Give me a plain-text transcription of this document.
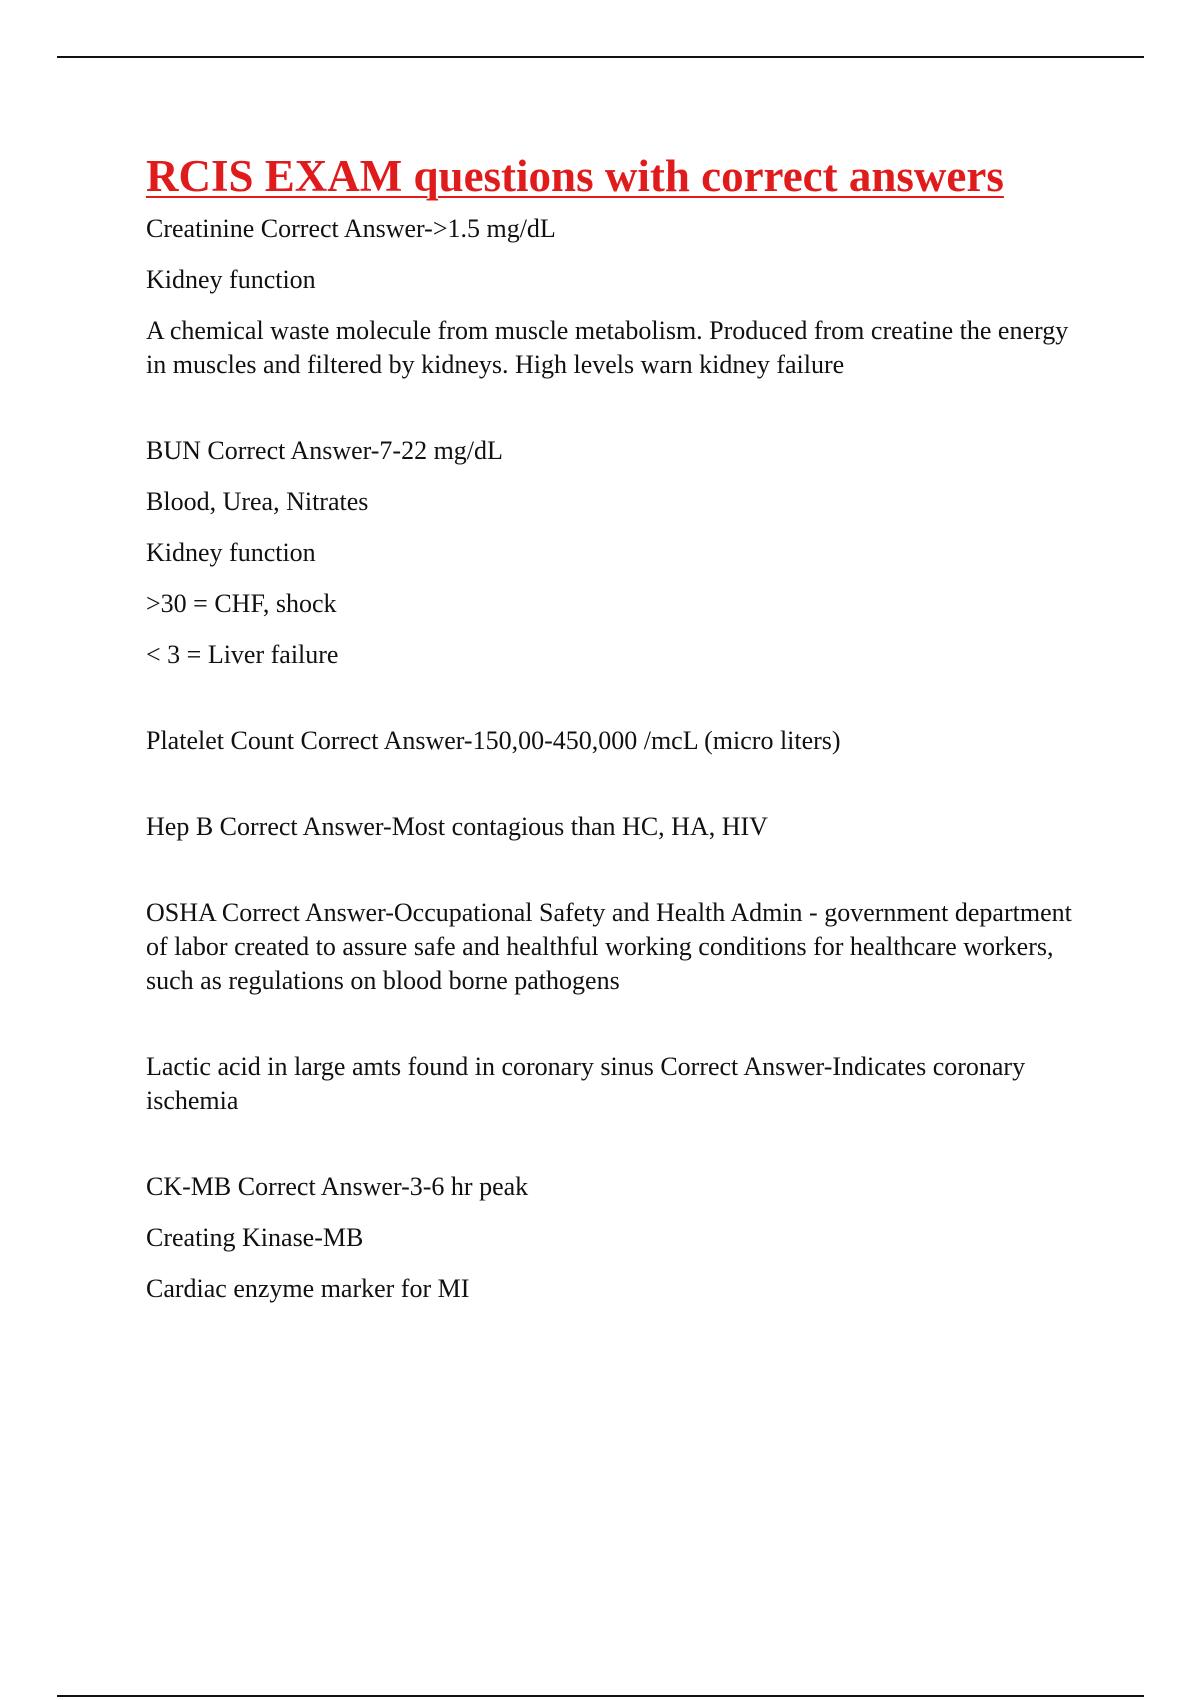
RCIS EXAM questions with correct answers

Creatinine Correct Answer->1.5 mg/dL

Kidney function

A chemical waste molecule from muscle metabolism. Produced from creatine the energy in muscles and filtered by kidneys. High levels warn kidney failure

BUN Correct Answer-7-22 mg/dL

Blood, Urea, Nitrates

Kidney function

>30 = CHF, shock

< 3 = Liver failure

Platelet Count Correct Answer-150,00-450,000 /mcL (micro liters)

Hep B Correct Answer-Most contagious than HC, HA, HIV

OSHA Correct Answer-Occupational Safety and Health Admin - government department of labor created to assure safe and healthful working conditions for healthcare workers, such as regulations on blood borne pathogens

Lactic acid in large amts found in coronary sinus Correct Answer-Indicates coronary ischemia

CK-MB Correct Answer-3-6 hr peak

Creating Kinase-MB

Cardiac enzyme marker for MI
